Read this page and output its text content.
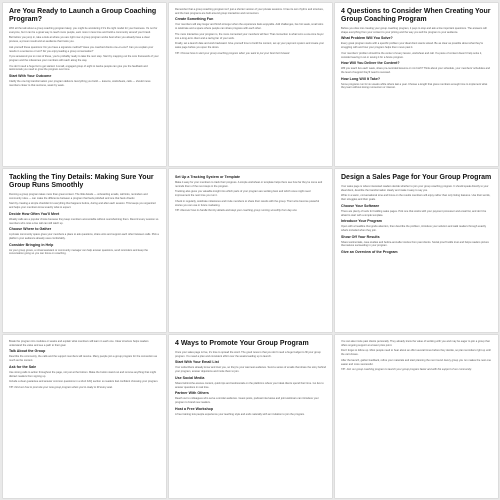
Are You Ready to Launch a Group Coaching Program?
With all the talk about a group coaching program lately, you might be wondering if it's the right model for your business. It's not for everyone, but it can be a great way to reach more people, earn more in less time and build a community around your brand.
But before you jump in, take a look at where you are right now. A group program works best when you already have a clear process, a proven result and an audience that trusts you.
Ask yourself these questions: Do you have a signature method? Have you coached clients one-on-one? Can you explain your results in a sentence or two? Do you enjoy leading a group conversation?
If you answered yes to most of these, you're probably ready to take the next step. Start by mapping out the core framework of your program and the milestones your members will reach along the way.
You don't need a huge list to get started. A small, engaged group of eight to twelve people can give you the feedback and testimonials you need to grow the program over time.
Start With Your Outcome
Clarify the one big transformation your program delivers. Everything you build — lessons, worksheets, calls — should move members closer to that outcome, week by week.
Remember that a group coaching program isn't just a shorter version of your private sessions. It has its own rhythm and structure, and the best programs are built around group interaction and momentum.
Create Something Fun
Your members will stay longer and finish stronger when the experience feels enjoyable. Add challenges, live hot seats, small wins to celebrate and a space where people can share progress with each other.
The more interactive your program is, the more connected your members will feel. That connection is what turns a one-time buyer into a long-term client and a raving fan of your work.
Finally, set a launch date and work backward. Give yourself time to build the content, set up your payment system and create your sales page before you open the doors.
TIP: Choose how to start your group coaching program when you want to put your best foot forward.
4 Questions to Consider When Creating Your Group Coaching Program
Before you dive into creating your group coaching program, it pays to stop and ask a few important questions. The answers will shape everything from your content to your pricing and the way you sell the program to your audience.
What Problem Will You Solve?
Every great program starts with a specific problem your ideal client wants solved. Be as clear as possible about what they're struggling with and how your program helps them move past it.
Your members' problem should be the center of every lesson, worksheet and call. If a piece of content doesn't help solve it, consider leaving it out or saving it for a future program.
How Will You Deliver the Content?
Will you teach live each week, share pre-recorded lessons or mix both? Think about your schedule, your members' schedules and the level of support they'll need to succeed.
How Long Will It Take?
Some programs run for six weeks while others last a year. Choose a length that gives members enough time to implement what they learn without losing momentum or interest.
Tackling the Tiny Details: Making Sure Your Group Runs Smoothly
Running a group program takes more than great content. The little details — onboarding emails, call links, reminders and community rules — can make the difference between a program that feels polished and one that feels chaotic.
Start by creating a simple checklist for everything that happens before, during and after each session. This keeps you organized and helps your members know exactly what to expect.
Decide How Often You'll Meet
Weekly calls are a popular choice because they keep members accountable without overwhelming them. Record every session so members who miss a live call can still catch up.
Choose Where to Gather
A private community space gives your members a place to ask questions, share wins and support each other between calls. Pick a platform your audience already uses comfortably.
Consider Bringing in Help
As your group grows, a virtual assistant or community manager can help answer questions, send reminders and keep the conversation going so you can focus on coaching.
Set Up a Tracking System or Template
Make it easy for your members to track their progress. A simple worksheet or template helps them see how far they've come and reminds them of the next steps in the program.
Tracking also gives you valuable insight into which parts of your program are working best and which ones might need improvement the next time you run it.
Check in regularly, celebrate milestones and invite members to share their results with the group. Their wins become powerful stories you can use in future marketing.
TIP: Discover how to handle the tiny details and keep your coaching group running smoothly from day one.
Design a Sales Page for Your Group Program
Your sales page is where interested readers decide whether to join your group coaching program. It should speak directly to your ideal client, describe the transformation clearly and make it easy to say yes.
Write in a warm, conversational tone and focus on the results members will enjoy rather than only listing features. Use their words, their struggles and their goals.
Choose Your Software
There are plenty of tools for building sales pages. Pick one that works with your payment processor and email list, and don't be afraid to start with a simple template.
Introduce Your Program
Open with a headline that grabs attention, then describe the problem, introduce your solution and walk readers through exactly what's included when they join.
Show Off Your Results
Share testimonials, case studies and before-and-after stories from past clients. Social proof builds trust and helps readers picture themselves succeeding in your program.
Give an Overview of the Program
Break the program into modules or weeks and explain what members will learn in each one. Clear structure helps readers understand the value and see a path to their goal.
Talk About the Group
Describe the community, the calls and the support members will receive. Many people join a group program for the connection as much as the content.
Ask for the Sale
Use strong calls to action throughout the page, not just at the bottom. Make the button stand out and remove anything that might distract readers from signing up.
Include a clear guarantee and answer common questions in a short FAQ section so readers feel confident choosing your program.
TIP: Find out how to promote your new group program when you're ready to fill every seat.
4 Ways to Promote Your Group Program
Once your sales page is live, it's time to spread the word. The good news is that you don't need a huge budget to fill your group program. You need a plan and consistent effort over the weeks leading up to launch.
Start With Your Email List
Your subscribers already know and trust you, so they're your warmest audience. Send a series of emails that share the story behind your program, answer objections and invite them to join.
Use Social Media
Share behind-the-scenes content, quick tips and testimonials on the platforms where your ideal clients spend their time. Go live to answer questions in real time.
Partner With Others
Reach out to colleagues who serve a similar audience. Guest posts, podcast interviews and joint webinars can introduce your program to brand new readers.
Host a Free Workshop
A free training lets people experience your teaching style and ends naturally with an invitation to join the program.
You can also invite past clients personally. They already know the value of working with you and may be eager to join a group that offers ongoing support at a lower price point.
Don't forget to follow up. Most people need to hear about an offer several times before they decide, so plan reminders right up until the cart closes.
After the launch, gather feedback, refine your materials and start planning the next round. Every group you run makes the next one easier and more successful.
TIP: Join our group coaching program to launch your group program faster and with the support of our community.
